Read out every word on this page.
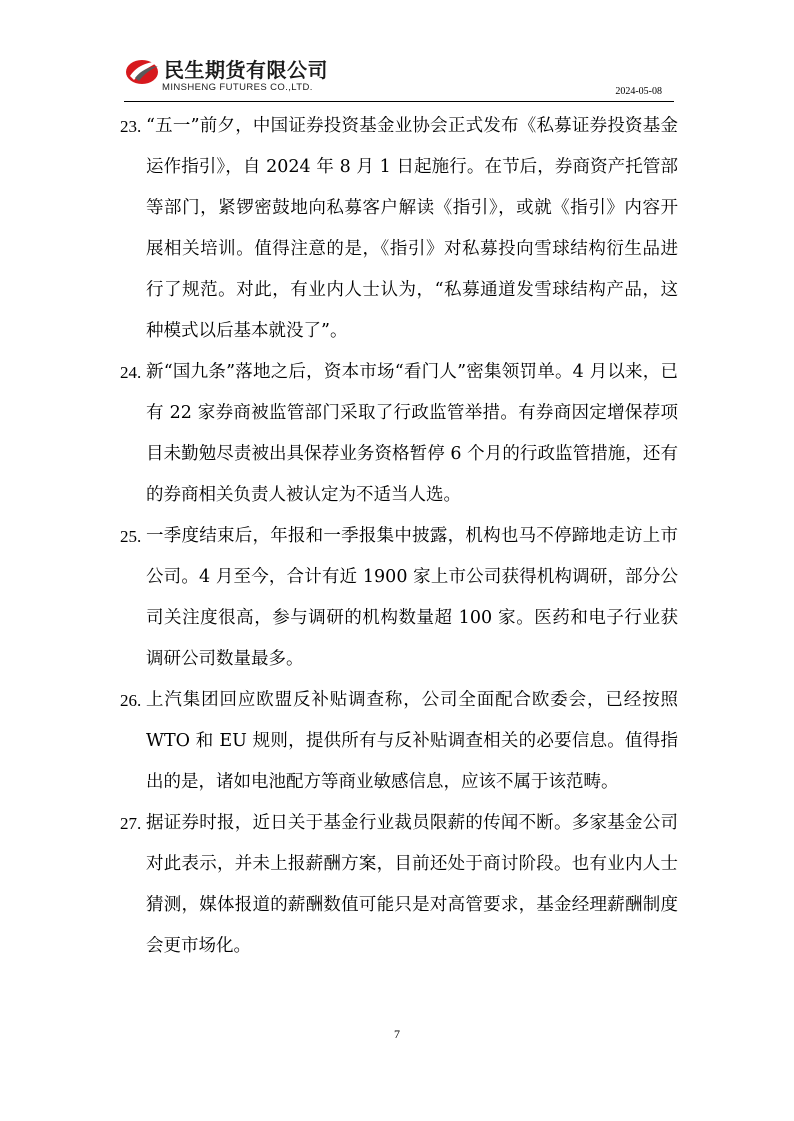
民生期货有限公司
MINSHENG FUTURES CO.,LTD.	2024-05-08
23. “五一”前夕，中国证券投资基金业协会正式发布《私募证券投资基金运作指引》，自 2024 年 8 月 1 日起施行。在节后，券商资产托管部等部门，紧锣密鼓地向私募客户解读《指引》，或就《指引》内容开展相关培训。值得注意的是，《指引》对私募投向雪球结构衍生品进行了规范。对此，有业内人士认为，“私募通道发雪球结构产品，这种模式以后基本就没了”。
24. 新“国九条”落地之后，资本市场“看门人”密集领罚单。4 月以来，已有 22 家券商被监管部门采取了行政监管举措。有券商因定增保荐项目未勤勉尽责被出具保荐业务资格暂停 6 个月的行政监管措施，还有的券商相关负责人被认定为不适当人选。
25. 一季度结束后，年报和一季报集中披露，机构也马不停蹄地走访上市公司。4 月至今，合计有近 1900 家上市公司获得机构调研，部分公司关注度很高，参与调研的机构数量超 100 家。医药和电子行业获调研公司数量最多。
26. 上汽集团回应欧盟反补贴调查称，公司全面配合欧委会，已经按照 WTO 和 EU 规则，提供所有与反补贴调查相关的必要信息。值得指出的是，诸如电池配方等商业敏感信息，应该不属于该范畴。
27. 据证券时报，近日关于基金行业裁员限薪的传闻不断。多家基金公司对此表示，并未上报薪酬方案，目前还处于商讨阶段。也有业内人士猜测，媒体报道的薪酬数值可能只是对高管要求，基金经理薪酬制度会更市场化。
7
